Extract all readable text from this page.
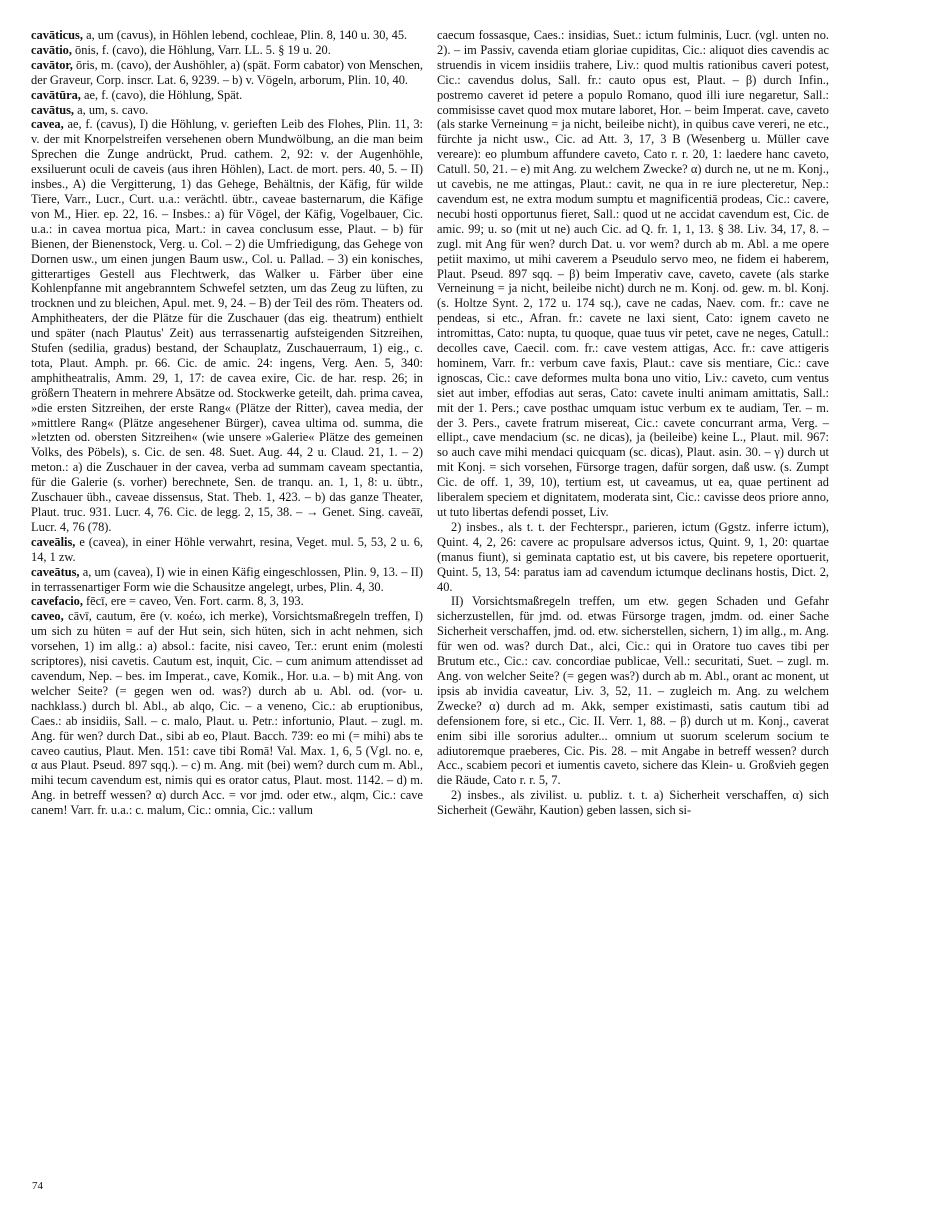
cavāticus, a, um (cavus), in Höhlen lebend, cochleae, Plin. 8, 140 u. 30, 45.

cavātio, ōnis, f. (cavo), die Höhlung, Varr. LL. 5. § 19 u. 20.

cavātor, ōris, m. (cavo), der Aushöhler, a) (spät. Form cabator) von Menschen, der Graveur, Corp. inscr. Lat. 6, 9239. – b) v. Vögeln, arborum, Plin. 10, 40.

cavātūra, ae, f. (cavo), die Höhlung, Spät.

cavātus, a, um, s. cavo.

cavea, ae, f. (cavus), I) die Höhlung, v. gerieften Leib des Flohes, Plin. 11, 3: v. der mit Knorpelstreifen versehenen obern Mundwölbung, an die man beim Sprechen die Zunge andrückt, Prud. cathem. 2, 92: v. der Augenhöhle, exsiluerunt oculi de caveis (aus ihren Höhlen), Lact. de mort. pers. 40, 5. – II) insbes., A) die Vergitterung, 1) das Gehege, Behältnis, der Käfig, für wilde Tiere, Varr., Lucr., Curt. u.a.: verächtl. übtr., caveae basternarum, die Käfige von M., Hier. ep. 22, 16. – Insbes.: a) für Vögel, der Käfig, Vogelbauer, Cic. u.a.: in cavea mortua pica, Mart.: in cavea conclusum esse, Plaut. – b) für Bienen, der Bienenstock, Verg. u. Col. – 2) die Umfriedigung, das Gehege von Dornen usw., um einen jungen Baum usw., Col. u. Pallad. – 3) ein konisches, gitterartiges Gestell aus Flechtwerk, das Walker u. Färber über eine Kohlenpfanne mit angebranntem Schwefel setzten, um das Zeug zu lüften, zu trocknen und zu bleichen, Apul. met. 9, 24. – B) der Teil des röm. Theaters od. Amphitheaters, der die Plätze für die Zuschauer (das eig. theatrum) enthielt und später (nach Plautus' Zeit) aus terrassenartig aufsteigenden Sitzreihen, Stufen (sedilia, gradus) bestand, der Schauplatz, Zuschauerraum, 1) eig., c. tota, Plaut. Amph. pr. 66. Cic. de amic. 24: ingens, Verg. Aen. 5, 340: amphitheatralis, Amm. 29, 1, 17: de cavea exire, Cic. de har. resp. 26; in größern Theatern in mehrere Absätze od. Stockwerke geteilt, dah. prima cavea, »die ersten Sitzreihen, der erste Rang« (Plätze der Ritter), cavea media, der »mittlere Rang« (Plätze angesehener Bürger), cavea ultima od. summa, die »letzten od. obersten Sitzreihen« (wie unsere »Galerie« Plätze des gemeinen Volks, des Pöbels), s. Cic. de sen. 48. Suet. Aug. 44, 2 u. Claud. 21, 1. – 2) meton.: a) die Zuschauer in der cavea, verba ad summam caveam spectantia, für die Galerie (s. vorher) berechnete, Sen. de tranqu. an. 1, 1, 8: u. übtr., Zuschauer übh., caveae dissensus, Stat. Theb. 1, 423. – b) das ganze Theater, Plaut. truc. 931. Lucr. 4, 76. Cic. de legg. 2, 15, 38. – → Genet. Sing. caveāī, Lucr. 4, 76 (78).

caveālis, e (cavea), in einer Höhle verwahrt, resina, Veget. mul. 5, 53, 2 u. 6, 14, 1 zw.

caveātus, a, um (cavea), I) wie in einen Käfig eingeschlossen, Plin. 9, 13. – II) in terrassenartiger Form wie die Schausitze angelegt, urbes, Plin. 4, 30.

cavefacio, fēcī, ere = caveo, Ven. Fort. carm. 8, 3, 193.

caveo, cāvī, cautum, ēre (v. κοέω, ich merke), Vorsichtsmaßregeln treffen, I) um sich zu hüten = auf der Hut sein, sich hüten, sich in acht nehmen, sich vorsehen, 1) im allg.: a) absol.: facite, nisi caveo, Ter.: erunt enim (molesti scriptores), nisi cavetis. Cautum est, inquit, Cic. – cum animum attendisset ad cavendum, Nep. – bes. im Imperat., cave, Komik., Hor. u.a. – b) mit Ang. von welcher Seite? (= gegen wen od. was?) durch ab u. Abl. od. (vor- u. nachklass.) durch bl. Abl., ab alqo, Cic. – a veneno, Cic.: ab eruptionibus, Caes.: ab insidiis, Sall. – c. malo, Plaut. u. Petr.: infortunio, Plaut. – zugl. m. Ang. für wen? durch Dat., sibi ab eo, Plaut. Bacch. 739: eo mi (= mihi) abs te caveo cautius, Plaut. Men. 151: cave tibi Romā! Val. Max. 1, 6, 5 (Vgl. no. e, α aus Plaut. Pseud. 897 sqq.). – c) m. Ang. mit (bei) wem? durch cum m. Abl., mihi tecum cavendum est, nimis qui es orator catus, Plaut. most. 1142. – d) m. Ang. in betreff wessen? α) durch Acc. = vor jmd. oder etw., alqm, Cic.: cave canem! Varr. fr. u.a.: c. malum, Cic.: omnia, Cic.: vallum

caecum fossasque, Caes.: insidias, Suet.: ictum fulminis, Lucr. (vgl. unten no. 2). – im Passiv, cavenda etiam gloriae cupiditas, Cic.: aliquot dies cavendis ac struendis in vicem insidiis trahere, Liv.: quod multis rationibus caveri potest, Cic.: cavendus dolus, Sall. fr.: cauto opus est, Plaut. – β) durch Infin., postremo caveret id petere a populo Romano, quod illi iure negaretur, Sall.: commisisse cavet quod mox mutare laboret, Hor. – beim Imperat. cave, caveto (als starke Verneinung = ja nicht, beileibe nicht), in quibus cave vereri, ne etc., fürchte ja nicht usw., Cic. ad Att. 3, 17, 3 B (Wesenberg u. Müller cave vereare): eo plumbum affundere caveto, Cato r. r. 20, 1: laedere hanc caveto, Catull. 50, 21. – e) mit Ang. zu welchem Zwecke? α) durch ne, ut ne m. Konj., ut cavebis, ne me attingas, Plaut.: cavit, ne qua in re iure plecteretur, Nep.: cavendum est, ne extra modum sumptu et magnificentiā prodeas, Cic.: cavere, necubi hosti opportunus fieret, Sall.: quod ut ne accidat cavendum est, Cic. de amic. 99; u. so (mit ut ne) auch Cic. ad Q. fr. 1, 1, 13. § 38. Liv. 34, 17, 8. – zugl. mit Ang für wen? durch Dat. u. vor wem? durch ab m. Abl. a me opere petiit maximo, ut mihi caverem a Pseudulo servo meo, ne fidem ei haberem, Plaut. Pseud. 897 sqq. – β) beim Imperativ cave, caveto, cavete (als starke Verneinung = ja nicht, beileibe nicht) durch ne m. Konj. od. gew. m. bl. Konj. (s. Holtze Synt. 2, 172 u. 174 sq.), cave ne cadas, Naev. com. fr.: cave ne pendeas, si etc., Afran. fr.: cavete ne laxi sient, Cato: ignem caveto ne intromittas, Cato: nupta, tu quoque, quae tuus vir petet, cave ne neges, Catull.: decolles cave, Caecil. com. fr.: cave vestem attigas, Acc. fr.: cave attigeris hominem, Varr. fr.: verbum cave faxis, Plaut.: cave sis mentiare, Cic.: cave ignoscas, Cic.: cave deformes multa bona uno vitio, Liv.: caveto, cum ventus siet aut imber, effodias aut seras, Cato: cavete inulti animam amittatis, Sall.: mit der 1. Pers.; cave posthac umquam istuc verbum ex te audiam, Ter. – m. der 3. Pers., cavete fratrum misereat, Cic.: cavete concurrant arma, Verg. – ellipt., cave mendacium (sc. ne dicas), ja (beileibe) keine L., Plaut. mil. 967: so auch cave mihi mendaci quicquam (sc. dicas), Plaut. asin. 30. – γ) durch ut mit Konj. = sich vorsehen, Fürsorge tragen, dafür sorgen, daß usw. (s. Zumpt Cic. de off. 1, 39, 10), tertium est, ut caveamus, ut ea, quae pertinent ad liberalem speciem et dignitatem, moderata sint, Cic.: cavisse deos priore anno, ut tuto libertas defendi posset, Liv.

2) insbes., als t. t. der Fechterspr., parieren, ictum (Ggstz. inferre ictum), Quint. 4, 2, 26: cavere ac propulsare adversos ictus, Quint. 9, 1, 20: quartae (manus fiunt), si geminata captatio est, ut bis cavere, bis repetere oportuerit, Quint. 5, 13, 54: paratus iam ad cavendum ictumque declinans hostis, Dict. 2, 40.

II) Vorsichtsmaßregeln treffen, um etw. gegen Schaden und Gefahr sicherzustellen, für jmd. od. etwas Fürsorge tragen, jmdm. od. einer Sache Sicherheit verschaffen, jmd. od. etw. sicherstellen, sichern, 1) im allg., m. Ang. für wen od. was? durch Dat., alci, Cic.: qui in Oratore tuo caves tibi per Brutum etc., Cic.: cav. concordiae publicae, Vell.: securitati, Suet. – zugl. m. Ang. von welcher Seite? (= gegen was?) durch ab m. Abl., orant ac monent, ut ipsis ab invidia caveatur, Liv. 3, 52, 11. – zugleich m. Ang. zu welchem Zwecke? α) durch ad m. Akk, semper existimasti, satis cautum tibi ad defensionem fore, si etc., Cic. II. Verr. 1, 88. – β) durch ut m. Konj., caverat enim sibi ille sororius adulter... omnium ut suorum scelerum socium te adiutoremque praeberes, Cic. Pis. 28. – mit Angabe in betreff wessen? durch Acc., scabiem pecori et iumentis caveto, sichere das Klein- u. Großvieh gegen die Räude, Cato r. r. 5, 7.

2) insbes., als zivilist. u. publiz. t. t. a) Sicherheit verschaffen, α) sich Sicherheit (Gewähr, Kaution) geben lassen, sich si-

74
